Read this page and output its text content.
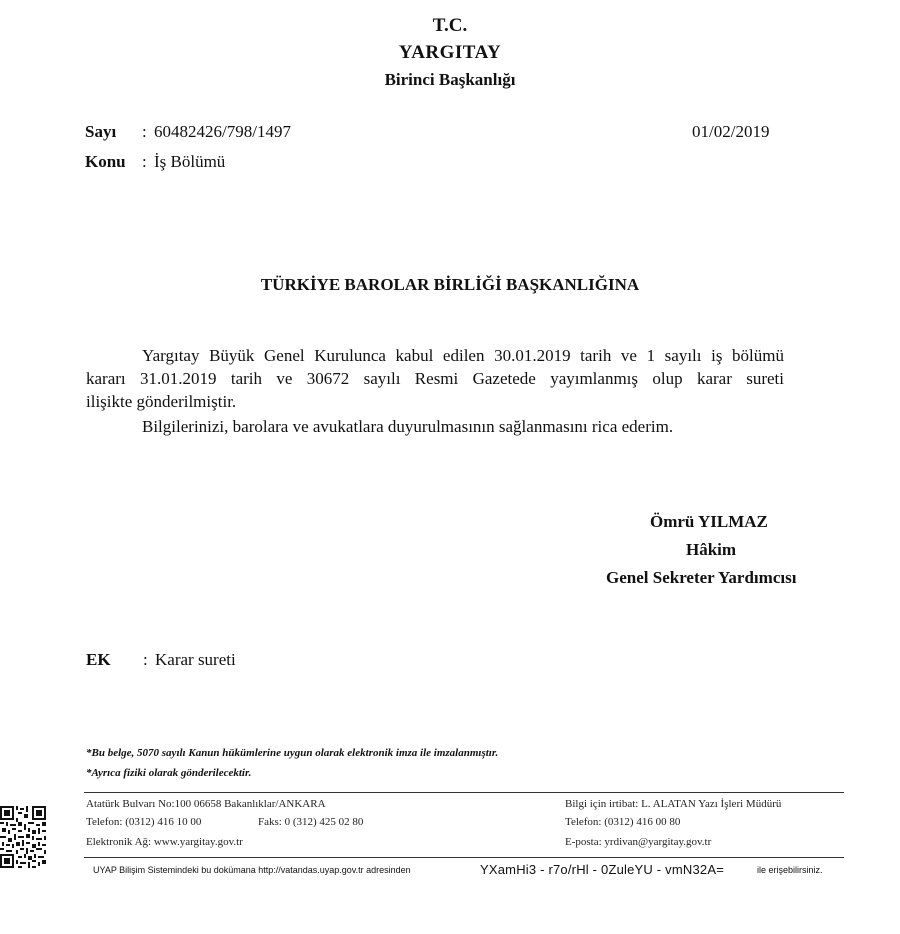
T.C.
YARGITAY
Birinci Başkanlığı
Sayı : 60482426/798/1497
Konu : İş Bölümü
01/02/2019
TÜRKİYE BAROLAR BİRLİĞİ BAŞKANLIĞINA
Yargıtay Büyük Genel Kurulunca kabul edilen 30.01.2019 tarih ve 1 sayılı iş bölümü
kararı 31.01.2019 tarih ve 30672 sayılı Resmi Gazetede yayımlanmış olup karar sureti
ilişikte gönderilmiştir.
Bilgilerinizi, barolara ve avukatlara duyurulmasının sağlanmasını rica ederim.
Ömrü YILMAZ
Hâkim
Genel Sekreter Yardımcısı
EK : Karar sureti
*Bu belge, 5070 sayılı Kanun hükümlerine uygun olarak elektronik imza ile imzalanmıştır.
*Ayrıca fiziki olarak gönderilecektir.
Atatürk Bulvarı No:100 06658 Bakanlıklar/ANKARA
Telefon: (0312) 416 10 00	Faks: 0 (312) 425 02 80
Elektronik Ağ: www.yargitay.gov.tr
Bilgi için irtibat: L. ALATAN Yazı İşleri Müdürü
Telefon: (0312) 416 00 80
E-posta: yrdivan@yargitay.gov.tr
UYAP Bilişim Sistemindeki bu dokümana http://vatandas.uyap.gov.tr adresinden	YXamHi3 - r7o/rHl - 0ZuleYU - vmN32A=	ile erişebilirsiniz.
